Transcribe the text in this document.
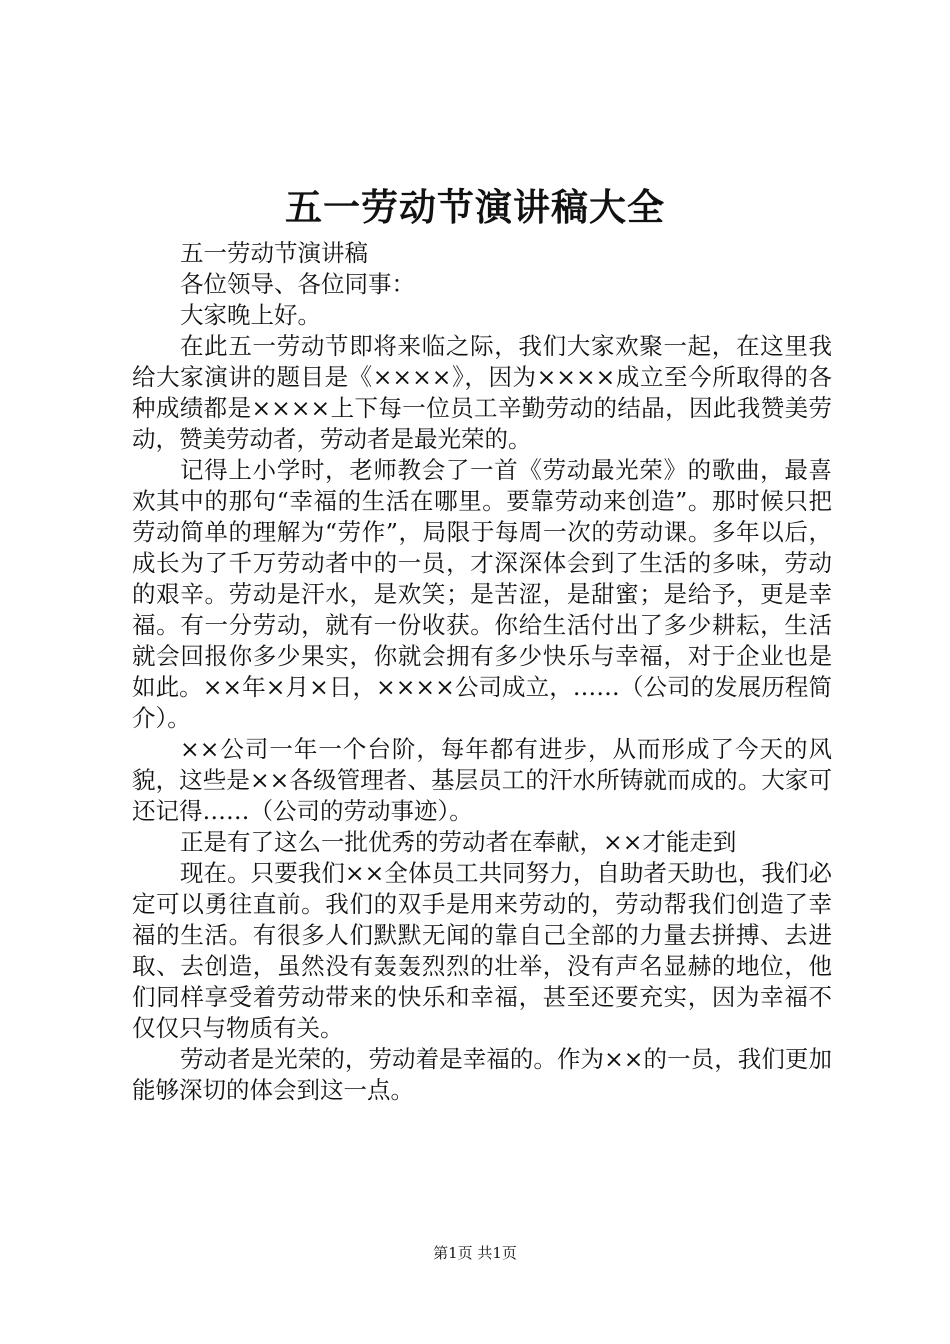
五一劳动节演讲稿大全

五一劳动节演讲稿

各位领导、各位同事：

大家晚上好。

在此五一劳动节即将来临之际，我们大家欢聚一起，在这里我给大家演讲的题目是《××××》，因为××××成立至今所取得的各种成绩都是××××上下每一位员工辛勤劳动的结晶，因此我赞美劳动，赞美劳动者，劳动者是最光荣的。

记得上小学时，老师教会了一首《劳动最光荣》的歌曲，最喜欢其中的那句“幸福的生活在哪里。要靠劳动来创造”。那时候只把劳动简单的理解为“劳作”，局限于每周一次的劳动课。多年以后，成长为了千万劳动者中的一员，才深深体会到了生活的多味，劳动的艰辛。劳动是汗水，是欢笑；是苦涩，是甜蜜；是给予，更是幸福。有一分劳动，就有一份收获。你给生活付出了多少耕耘，生活就会回报你多少果实，你就会拥有多少快乐与幸福，对于企业也是如此。××年×月×日，××××公司成立，……（公司的发展历程简介）。

××公司一年一个台阶，每年都有进步，从而形成了今天的风貌，这些是××各级管理者、基层员工的汗水所铸就而成的。大家可还记得……（公司的劳动事迹）。

正是有了这么一批优秀的劳动者在奉献，××才能走到

现在。只要我们××全体员工共同努力，自助者天助也，我们必定可以勇往直前。我们的双手是用来劳动的，劳动帮我们创造了幸福的生活。有很多人们默默无闻的靠自己全部的力量去拼搏、去进取、去创造，虽然没有轰轰烈烈的壮举，没有声名显赫的地位，他们同样享受着劳动带来的快乐和幸福，甚至还要充实，因为幸福不仅仅只与物质有关。

劳动者是光荣的，劳动着是幸福的。作为××的一员，我们更加能够深切的体会到这一点。

第1页 共1页
